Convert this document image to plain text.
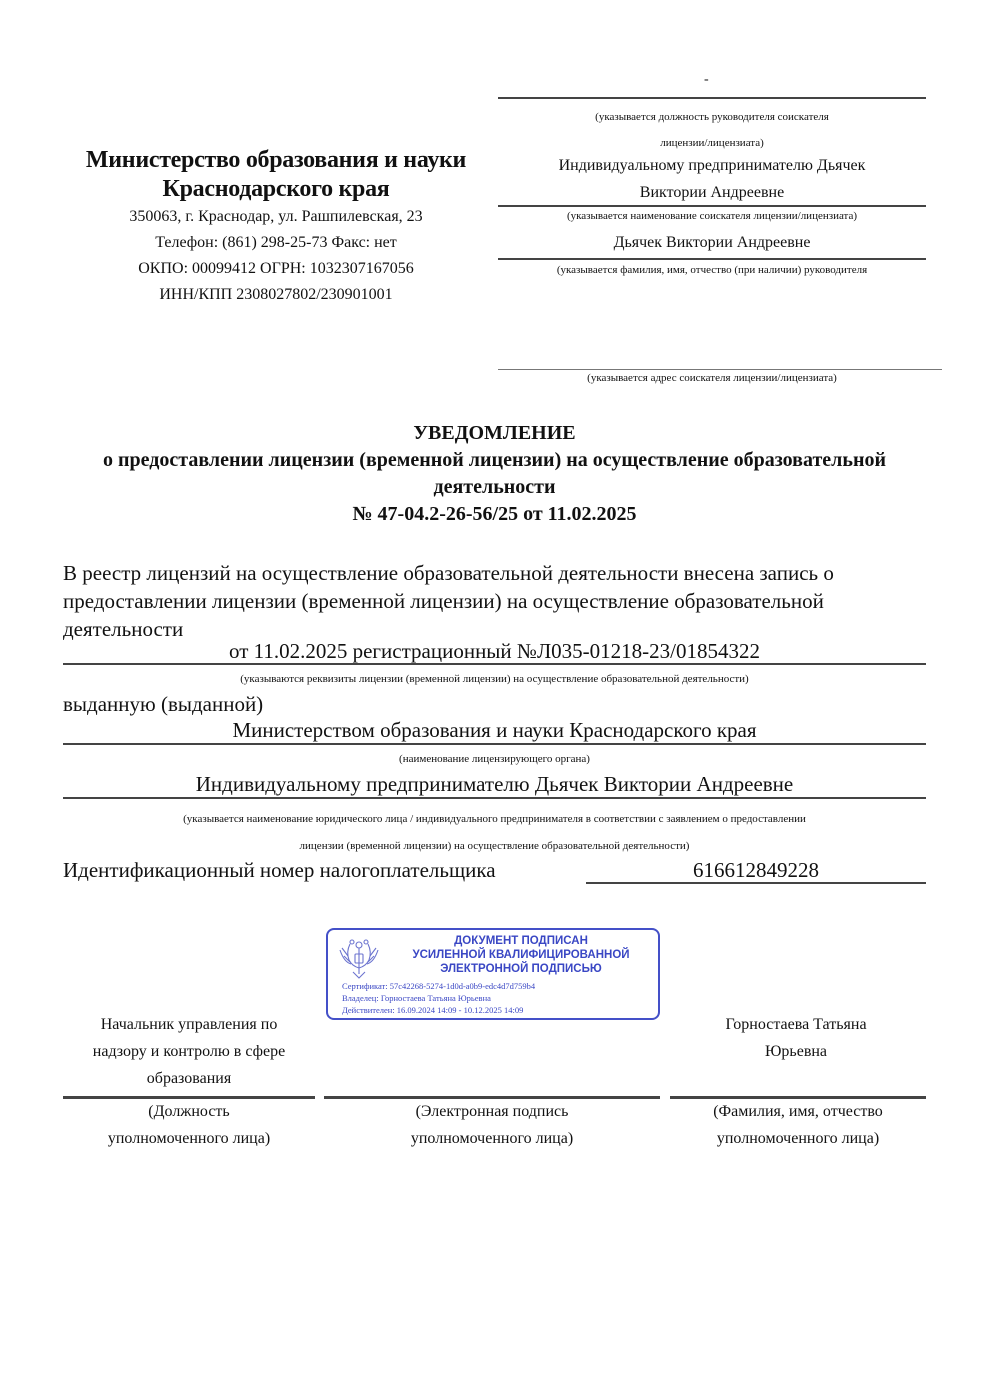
-
(указывается должность руководителя соискателя
лицензии/лицензиата)
Индивидуальному предпринимателю Дьячек
Виктории Андреевне
(указывается наименование соискателя лицензии/лицензиата)
Дьячек Виктории Андреевне
(указывается фамилия, имя, отчество (при наличии) руководителя
(указывается адрес соискателя лицензии/лицензиата)
Министерство образования и науки
Краснодарского края
350063, г. Краснодар, ул. Рашпилевская, 23
Телефон: (861) 298-25-73 Факс: нет
ОКПО: 00099412 ОГРН: 1032307167056
ИНН/КПП 2308027802/230901001
УВЕДОМЛЕНИЕ
о предоставлении лицензии (временной лицензии) на осуществление образовательной
деятельности
№ 47-04.2-26-56/25 от 11.02.2025
В реестр лицензий на осуществление образовательной деятельности внесена запись о
предоставлении лицензии (временной лицензии) на осуществление образовательной
деятельности
от 11.02.2025 регистрационный №Л035-01218-23/01854322
(указываются реквизиты лицензии (временной лицензии) на осуществление образовательной деятельности)
выданную (выданной)
Министерством образования и науки Краснодарского края
(наименование лицензирующего органа)
Индивидуальному предпринимателю Дьячек Виктории Андреевне
(указывается наименование юридического лица / индивидуального предпринимателя в соответствии с заявлением о предоставлении
лицензии (временной лицензии) на осуществление образовательной деятельности)
Идентификационный номер налогоплательщика	616612849228
ДОКУМЕНТ ПОДПИСАН
УСИЛЕННОЙ КВАЛИФИЦИРОВАННОЙ
ЭЛЕКТРОННОЙ ПОДПИСЬЮ
Сертификат: 57c42268-5274-1d0d-a0b9-edc4d7d759b4
Владелец: Горностаева Татьяна Юрьевна
Действителен: 16.09.2024 14:09 - 10.12.2025 14:09
Начальник управления по
надзору и контролю в сфере
образования
Горностаева Татьяна
Юрьевна
(Должность
уполномоченного лица)
(Электронная подпись
уполномоченного лица)
(Фамилия, имя, отчество
уполномоченного лица)
